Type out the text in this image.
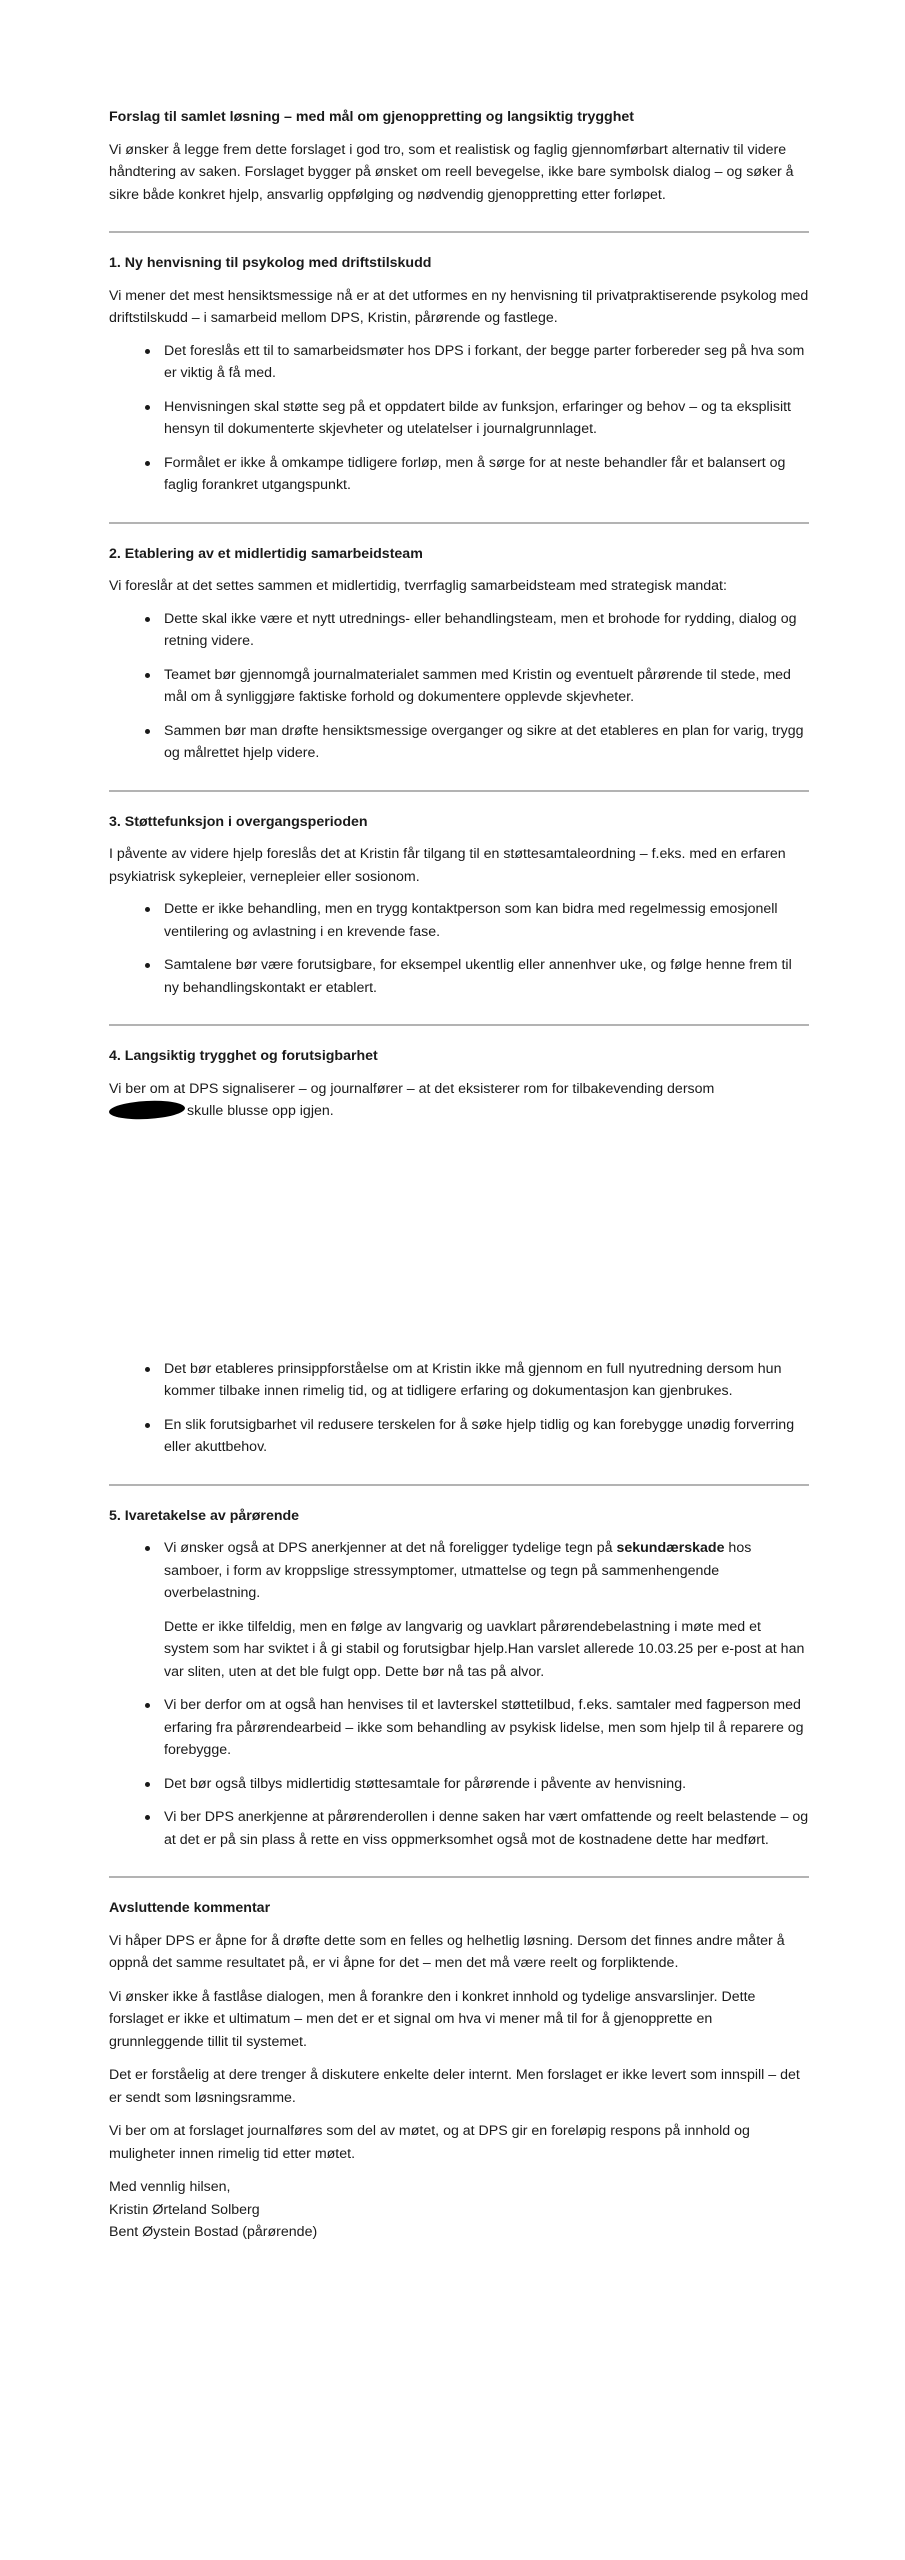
Forslag til samlet løsning – med mål om gjenoppretting og langsiktig trygghet

Vi ønsker å legge frem dette forslaget i god tro, som et realistisk og faglig gjennomførbart alternativ til videre håndtering av saken. Forslaget bygger på ønsket om reell bevegelse, ikke bare symbolsk dialog – og søker å sikre både konkret hjelp, ansvarlig oppfølging og nødvendig gjenoppretting etter forløpet.

1. Ny henvisning til psykolog med driftstilskudd

Vi mener det mest hensiktsmessige nå er at det utformes en ny henvisning til privatpraktiserende psykolog med driftstilskudd – i samarbeid mellom DPS, Kristin, pårørende og fastlege.

Det foreslås ett til to samarbeidsmøter hos DPS i forkant, der begge parter forbereder seg på hva som er viktig å få med.
Henvisningen skal støtte seg på et oppdatert bilde av funksjon, erfaringer og behov – og ta eksplisitt hensyn til dokumenterte skjevheter og utelatelser i journalgrunnlaget.
Formålet er ikke å omkampe tidligere forløp, men å sørge for at neste behandler får et balansert og faglig forankret utgangspunkt.
2. Etablering av et midlertidig samarbeidsteam

Vi foreslår at det settes sammen et midlertidig, tverrfaglig samarbeidsteam med strategisk mandat:

Dette skal ikke være et nytt utrednings- eller behandlingsteam, men et brohode for rydding, dialog og retning videre.
Teamet bør gjennomgå journalmaterialet sammen med Kristin og eventuelt pårørende til stede, med mål om å synliggjøre faktiske forhold og dokumentere opplevde skjevheter.
Sammen bør man drøfte hensiktsmessige overganger og sikre at det etableres en plan for varig, trygg og målrettet hjelp videre.
3. Støttefunksjon i overgangsperioden

I påvente av videre hjelp foreslås det at Kristin får tilgang til en støttesamtaleordning – f.eks. med en erfaren psykiatrisk sykepleier, vernepleier eller sosionom.

Dette er ikke behandling, men en trygg kontaktperson som kan bidra med regelmessig emosjonell ventilering og avlastning i en krevende fase.
Samtalene bør være forutsigbare, for eksempel ukentlig eller annenhver uke, og følge henne frem til ny behandlingskontakt er etablert.
4. Langsiktig trygghet og forutsigbarhet

Vi ber om at DPS signaliserer – og journalfører – at det eksisterer rom for tilbakevending dersom
skulle blusse opp igjen.

Det bør etableres prinsippforståelse om at Kristin ikke må gjennom en full nyutredning dersom hun kommer tilbake innen rimelig tid, og at tidligere erfaring og dokumentasjon kan gjenbrukes.
En slik forutsigbarhet vil redusere terskelen for å søke hjelp tidlig og kan forebygge unødig forverring eller akuttbehov.
5. Ivaretakelse av pårørende
Vi ønsker også at DPS anerkjenner at det nå foreligger tydelige tegn på sekundærskade hos samboer, i form av kroppslige stressymptomer, utmattelse og tegn på sammenhengende overbelastning.

Dette er ikke tilfeldig, men en følge av langvarig og uavklart pårørendebelastning i møte med et system som har sviktet i å gi stabil og forutsigbar hjelp.Han varslet allerede 10.03.25 per e-post at han var sliten, uten at det ble fulgt opp. Dette bør nå tas på alvor.

Vi ber derfor om at også han henvises til et lavterskel støttetilbud, f.eks. samtaler med fagperson med erfaring fra pårørendearbeid – ikke som behandling av psykisk lidelse, men som hjelp til å reparere og forebygge.
Det bør også tilbys midlertidig støttesamtale for pårørende i påvente av henvisning.
Vi ber DPS anerkjenne at pårørenderollen i denne saken har vært omfattende og reelt belastende – og at det er på sin plass å rette en viss oppmerksomhet også mot de kostnadene dette har medført.
Avsluttende kommentar

Vi håper DPS er åpne for å drøfte dette som en felles og helhetlig løsning. Dersom det finnes andre måter å oppnå det samme resultatet på, er vi åpne for det – men det må være reelt og forpliktende.

Vi ønsker ikke å fastlåse dialogen, men å forankre den i konkret innhold og tydelige ansvarslinjer. Dette forslaget er ikke et ultimatum – men det er et signal om hva vi mener må til for å gjenopprette en grunnleggende tillit til systemet.

Det er forståelig at dere trenger å diskutere enkelte deler internt. Men forslaget er ikke levert som innspill – det er sendt som løsningsramme.

Vi ber om at forslaget journalføres som del av møtet, og at DPS gir en foreløpig respons på innhold og muligheter innen rimelig tid etter møtet.

Med vennlig hilsen,
Kristin Ørteland Solberg
Bent Øystein Bostad (pårørende)
